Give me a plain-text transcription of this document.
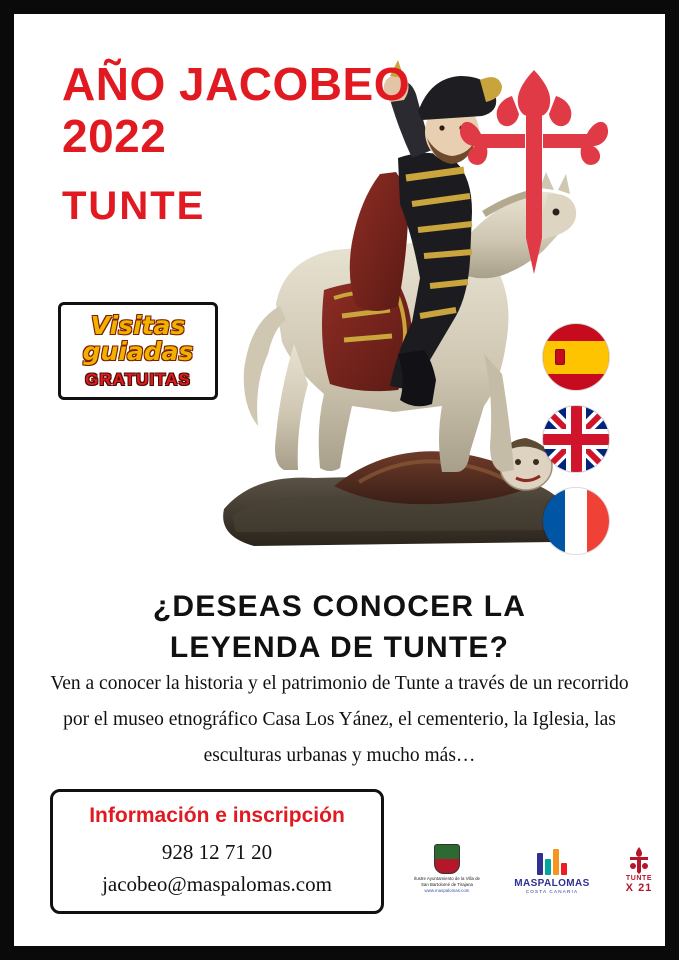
AÑO JACOBEO
2022
TUNTE
Visitas
guiadas
GRATUITAS
¿DESEAS CONOCER LA
LEYENDA DE TUNTE?

Ven a conocer la historia y el patrimonio de Tunte a través de un recorrido por el museo etnográfico Casa Los Yánez, el cementerio, la Iglesia, las esculturas urbanas y mucho más…

Información e inscripción
928 12 71 20
jacobeo@maspalomas.com	Ilustre Ayuntamiento de la Villa de
San Bartolomé de Tirajana
www.maspalomas.com
MASPALOMAS
COSTA CANARIA
TUNTE
X 21
